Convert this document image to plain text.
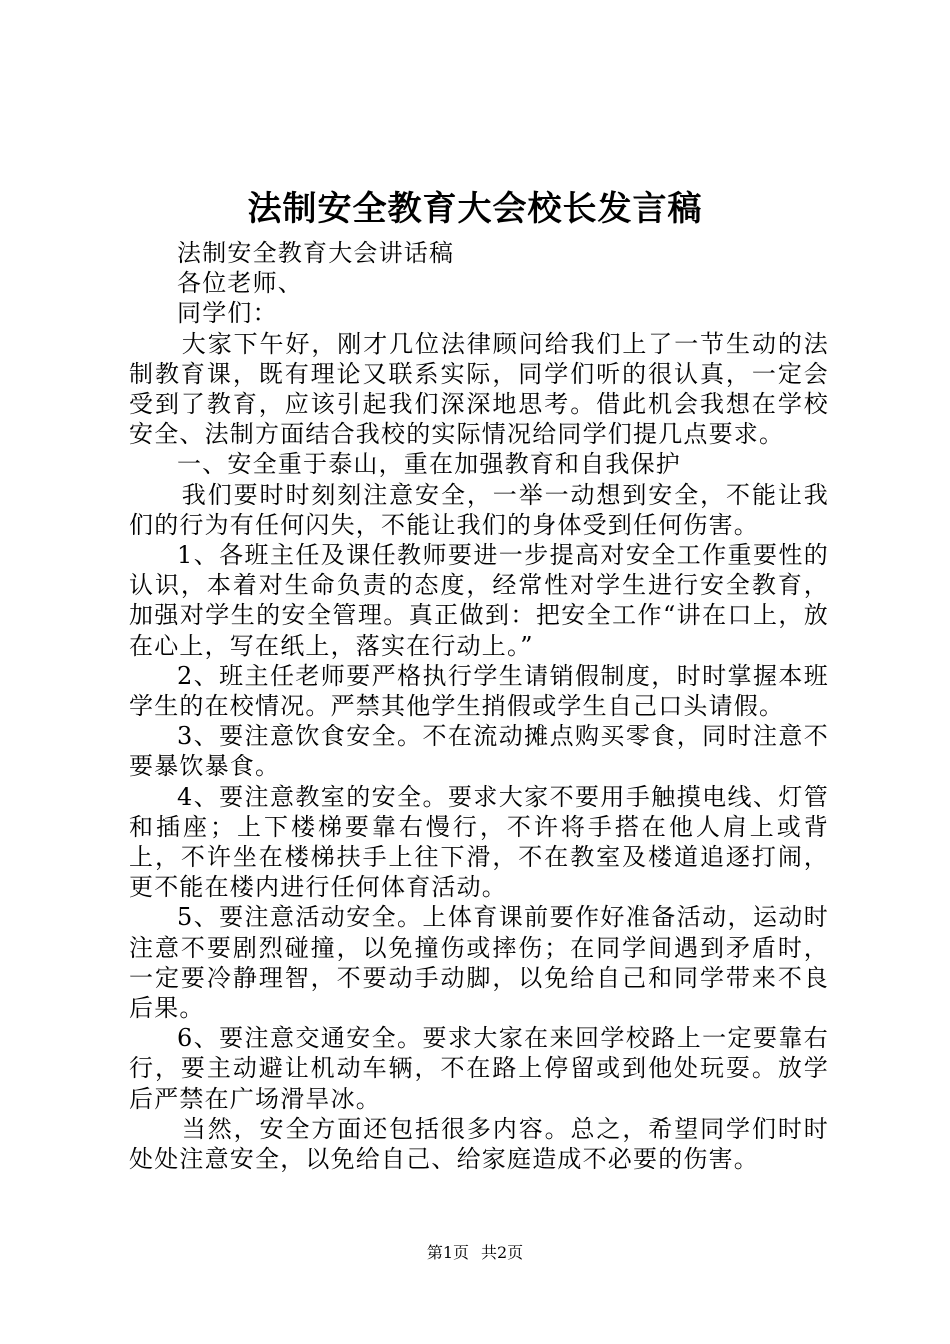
法制安全教育大会校长发言稿

法制安全教育大会讲话稿

各位老师、

同学们：

大家下午好，刚才几位法律顾问给我们上了一节生动的法制教育课，既有理论又联系实际，同学们听的很认真，一定会受到了教育，应该引起我们深深地思考。借此机会我想在学校安全、法制方面结合我校的实际情况给同学们提几点要求。

一、安全重于泰山，重在加强教育和自我保护

我们要时时刻刻注意安全，一举一动想到安全，不能让我们的行为有任何闪失，不能让我们的身体受到任何伤害。

1、各班主任及课任教师要进一步提高对安全工作重要性的认识，本着对生命负责的态度，经常性对学生进行安全教育，加强对学生的安全管理。真正做到：把安全工作“讲在口上，放在心上，写在纸上，落实在行动上。”

2、班主任老师要严格执行学生请销假制度，时时掌握本班学生的在校情况。严禁其他学生捎假或学生自己口头请假。

3、要注意饮食安全。不在流动摊点购买零食，同时注意不要暴饮暴食。

4、要注意教室的安全。要求大家不要用手触摸电线、灯管和插座；上下楼梯要靠右慢行，不许将手搭在他人肩上或背上，不许坐在楼梯扶手上往下滑，不在教室及楼道追逐打闹，更不能在楼内进行任何体育活动。

5、要注意活动安全。上体育课前要作好准备活动，运动时注意不要剧烈碰撞，以免撞伤或摔伤；在同学间遇到矛盾时，一定要冷静理智，不要动手动脚，以免给自己和同学带来不良后果。

6、要注意交通安全。要求大家在来回学校路上一定要靠右行，要主动避让机动车辆，不在路上停留或到他处玩耍。放学后严禁在广场滑旱冰。

当然，安全方面还包括很多内容。总之，希望同学们时时处处注意安全，以免给自己、给家庭造成不必要的伤害。

第1页 共2页
